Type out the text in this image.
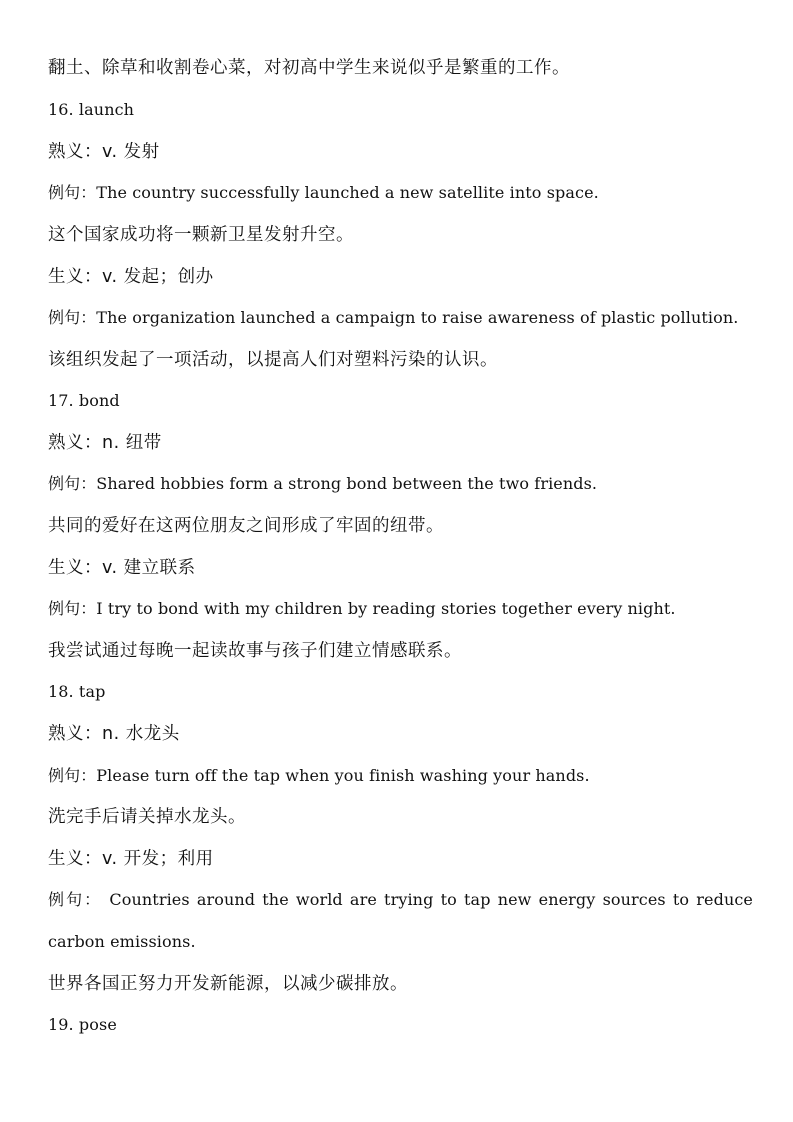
翻土、除草和收割卷心菜，对初高中学生来说似乎是繁重的工作。
16. launch
熟义：v. 发射
例句：The country successfully launched a new satellite into space.
这个国家成功将一颗新卫星发射升空。
生义：v. 发起；创办
例句：The organization launched a campaign to raise awareness of plastic pollution.
该组织发起了一项活动，以提高人们对塑料污染的认识。
17. bond
熟义：n. 纽带
例句：Shared hobbies form a strong bond between the two friends.
共同的爱好在这两位朋友之间形成了牢固的纽带。
生义：v. 建立联系
例句：I try to bond with my children by reading stories together every night.
我尝试通过每晚一起读故事与孩子们建立情感联系。
18. tap
熟义：n. 水龙头
例句：Please turn off the tap when you finish washing your hands.
洗完手后请关掉水龙头。
生义：v. 开发；利用
例句： Countries around the world are trying to tap new energy sources to reduce
carbon emissions.
世界各国正努力开发新能源，以减少碳排放。
19. pose
